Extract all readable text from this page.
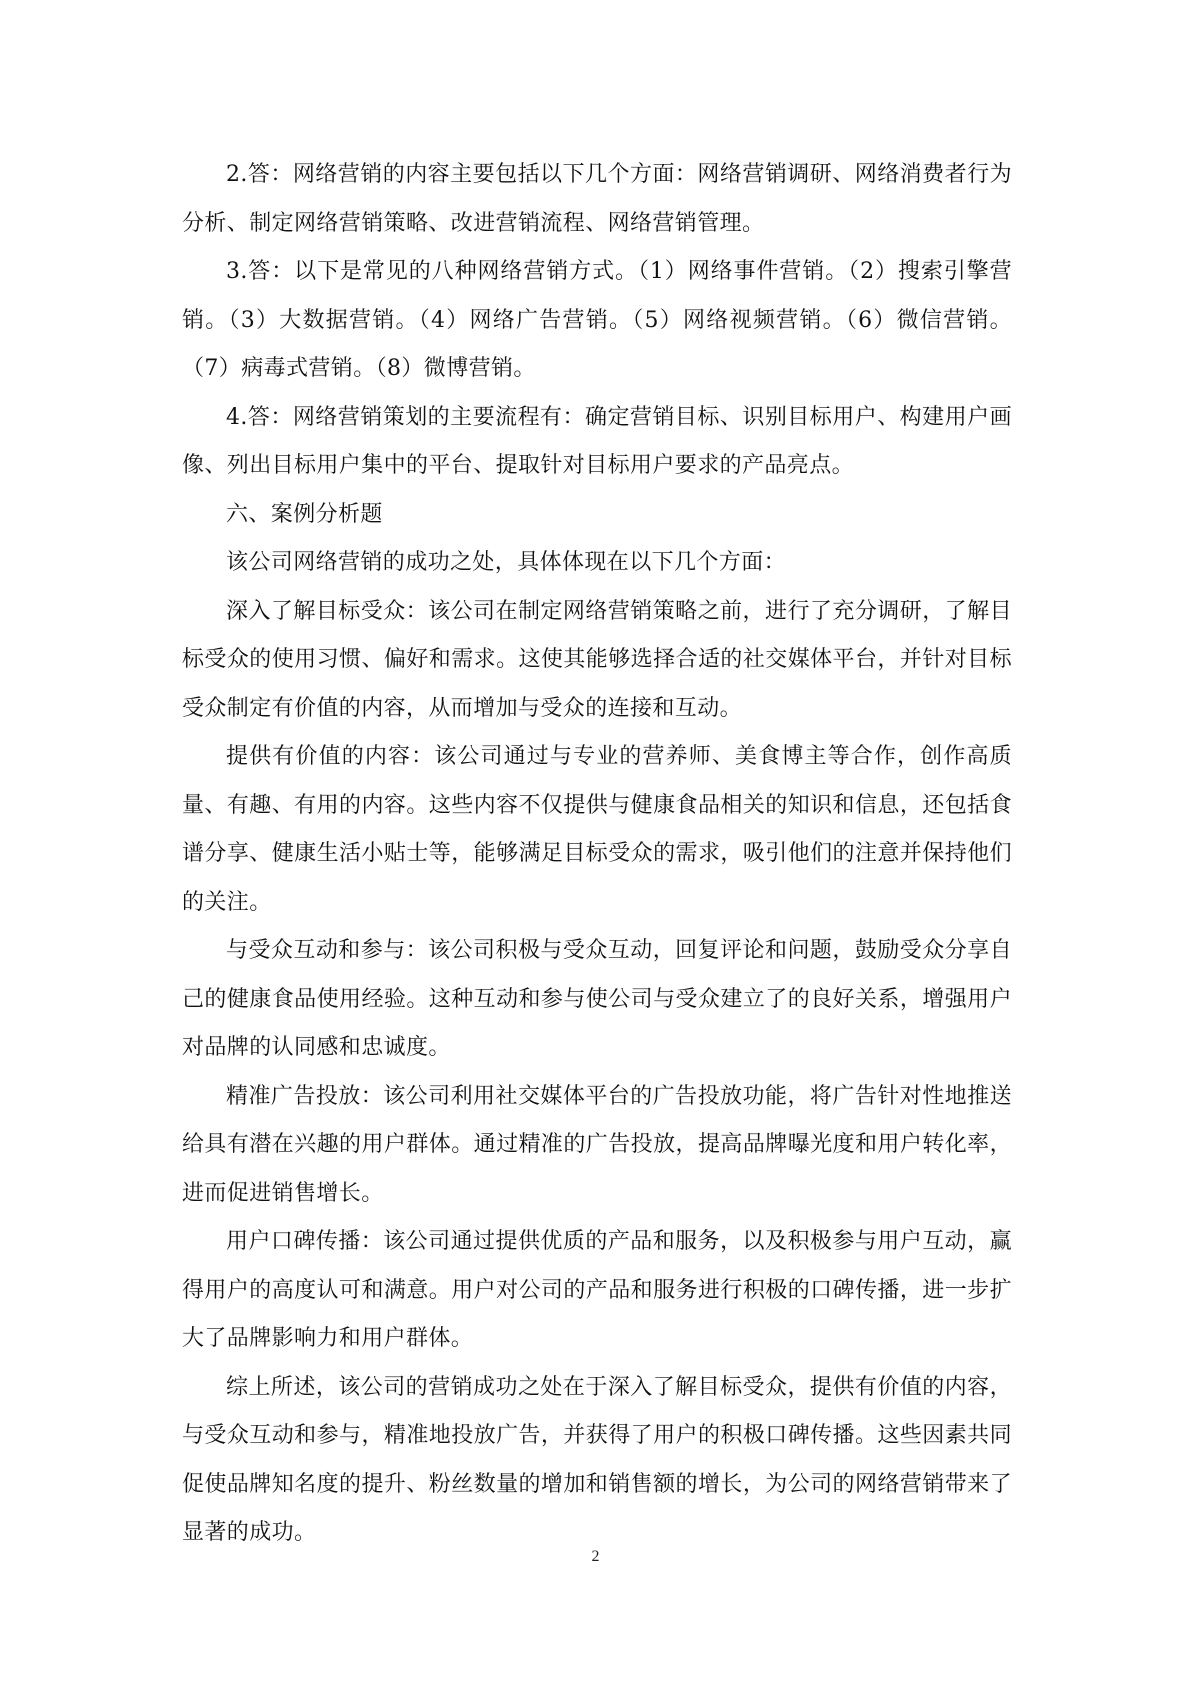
2.答：网络营销的内容主要包括以下几个方面：网络营销调研、网络消费者行为分析、制定网络营销策略、改进营销流程、网络营销管理。

3.答：以下是常见的八种网络营销方式。（1）网络事件营销。（2）搜索引擎营销。（3）大数据营销。（4）网络广告营销。（5）网络视频营销。（6）微信营销。（7）病毒式营销。（8）微博营销。

4.答：网络营销策划的主要流程有：确定营销目标、识别目标用户、构建用户画像、列出目标用户集中的平台、提取针对目标用户要求的产品亮点。

六、案例分析题

该公司网络营销的成功之处，具体体现在以下几个方面：

深入了解目标受众：该公司在制定网络营销策略之前，进行了充分调研，了解目标受众的使用习惯、偏好和需求。这使其能够选择合适的社交媒体平台，并针对目标受众制定有价值的内容，从而增加与受众的连接和互动。

提供有价值的内容：该公司通过与专业的营养师、美食博主等合作，创作高质量、有趣、有用的内容。这些内容不仅提供与健康食品相关的知识和信息，还包括食谱分享、健康生活小贴士等，能够满足目标受众的需求，吸引他们的注意并保持他们的关注。

与受众互动和参与：该公司积极与受众互动，回复评论和问题，鼓励受众分享自己的健康食品使用经验。这种互动和参与使公司与受众建立了的良好关系，增强用户对品牌的认同感和忠诚度。

精准广告投放：该公司利用社交媒体平台的广告投放功能，将广告针对性地推送给具有潜在兴趣的用户群体。通过精准的广告投放，提高品牌曝光度和用户转化率，进而促进销售增长。

用户口碑传播：该公司通过提供优质的产品和服务，以及积极参与用户互动，赢得用户的高度认可和满意。用户对公司的产品和服务进行积极的口碑传播，进一步扩大了品牌影响力和用户群体。

综上所述，该公司的营销成功之处在于深入了解目标受众，提供有价值的内容，与受众互动和参与，精准地投放广告，并获得了用户的积极口碑传播。这些因素共同促使品牌知名度的提升、粉丝数量的增加和销售额的增长，为公司的网络营销带来了显著的成功。

2
